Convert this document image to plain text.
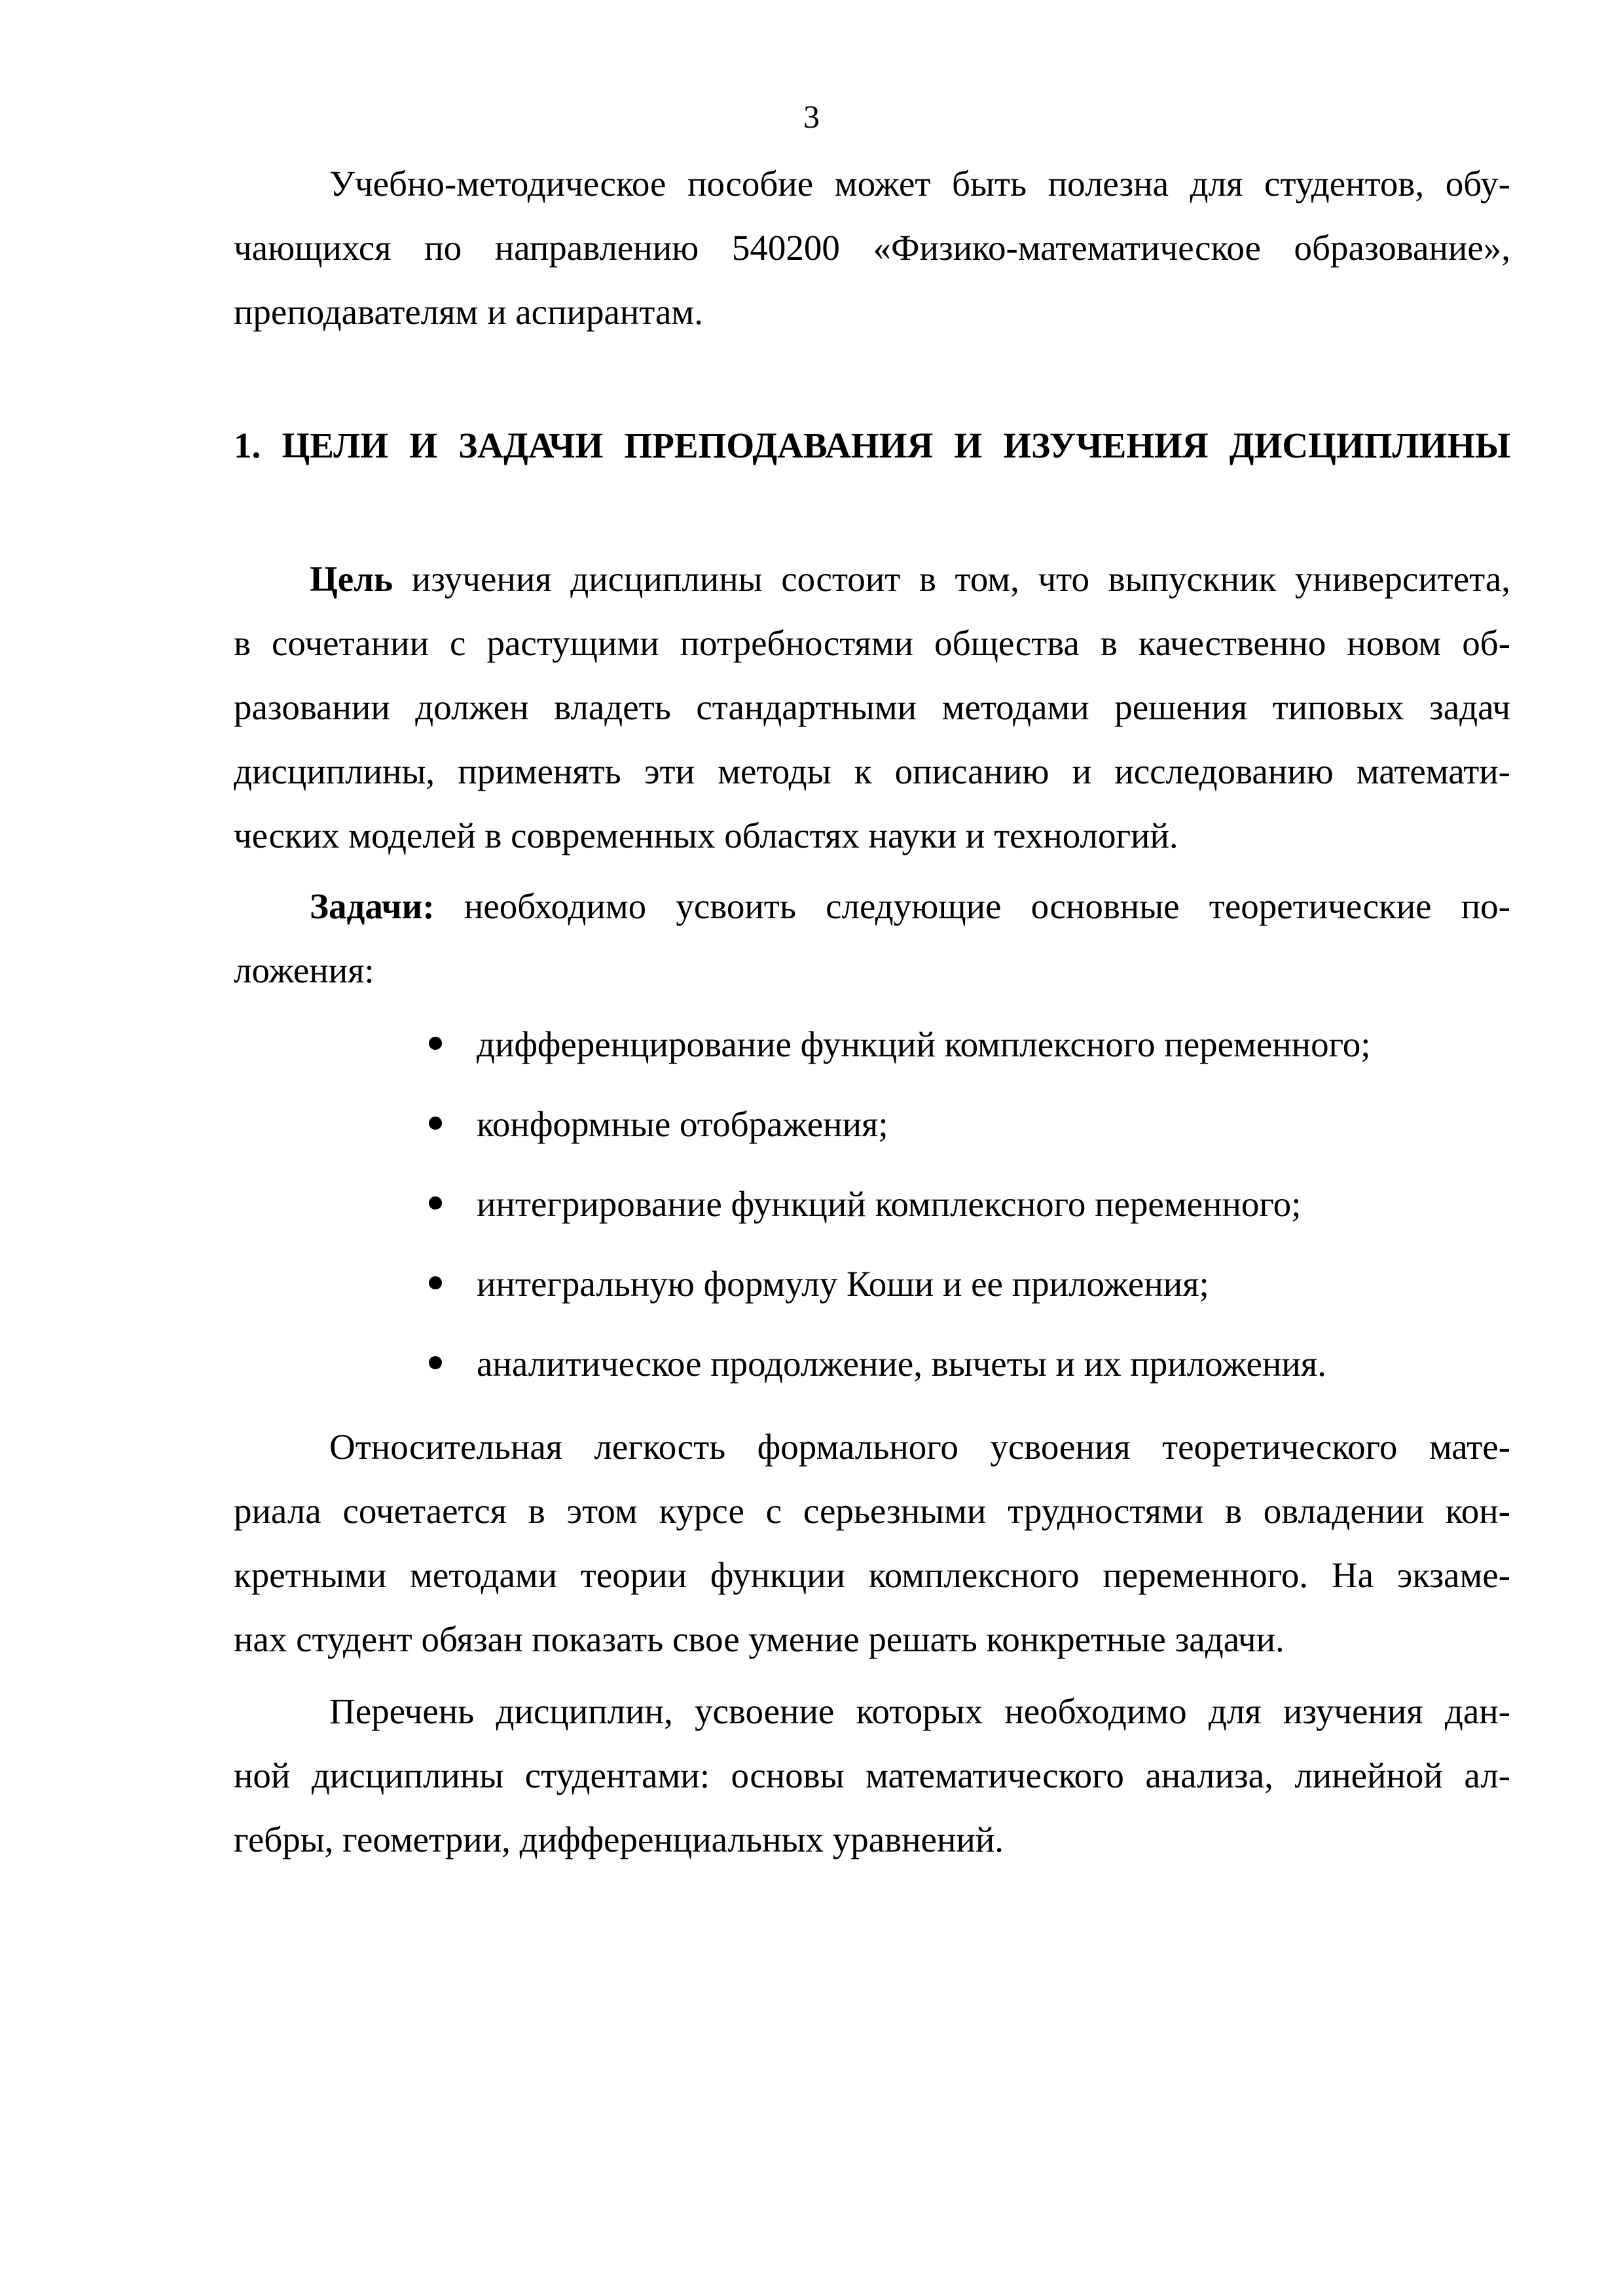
3
Учебно-методическое пособие может быть полезна для студентов, обу-
чающихся по направлению 540200 «Физико-математическое образование»,
преподавателям и аспирантам.
1. ЦЕЛИ И ЗАДАЧИ ПРЕПОДАВАНИЯ И ИЗУЧЕНИЯ ДИСЦИПЛИНЫ
Цель изучения дисциплины состоит в том, что выпускник университета,
в сочетании с растущими потребностями общества в качественно новом об-
разовании должен владеть стандартными методами решения типовых задач
дисциплины, применять эти методы к описанию и исследованию математи-
ческих моделей в современных областях науки и технологий.
Задачи: необходимо усвоить следующие основные теоретические по-
ложения:
дифференцирование функций комплексного переменного;
конформные отображения;
интегрирование функций комплексного переменного;
интегральную формулу Коши и ее приложения;
аналитическое продолжение, вычеты и их приложения.
Относительная легкость формального усвоения теоретического мате-
риала сочетается в этом курсе с серьезными трудностями в овладении кон-
кретными методами теории функции комплексного переменного. На экзаме-
нах студент обязан показать свое умение решать конкретные задачи.
Перечень дисциплин, усвоение которых необходимо для изучения дан-
ной дисциплины студентами: основы математического анализа, линейной ал-
гебры, геометрии, дифференциальных уравнений.
